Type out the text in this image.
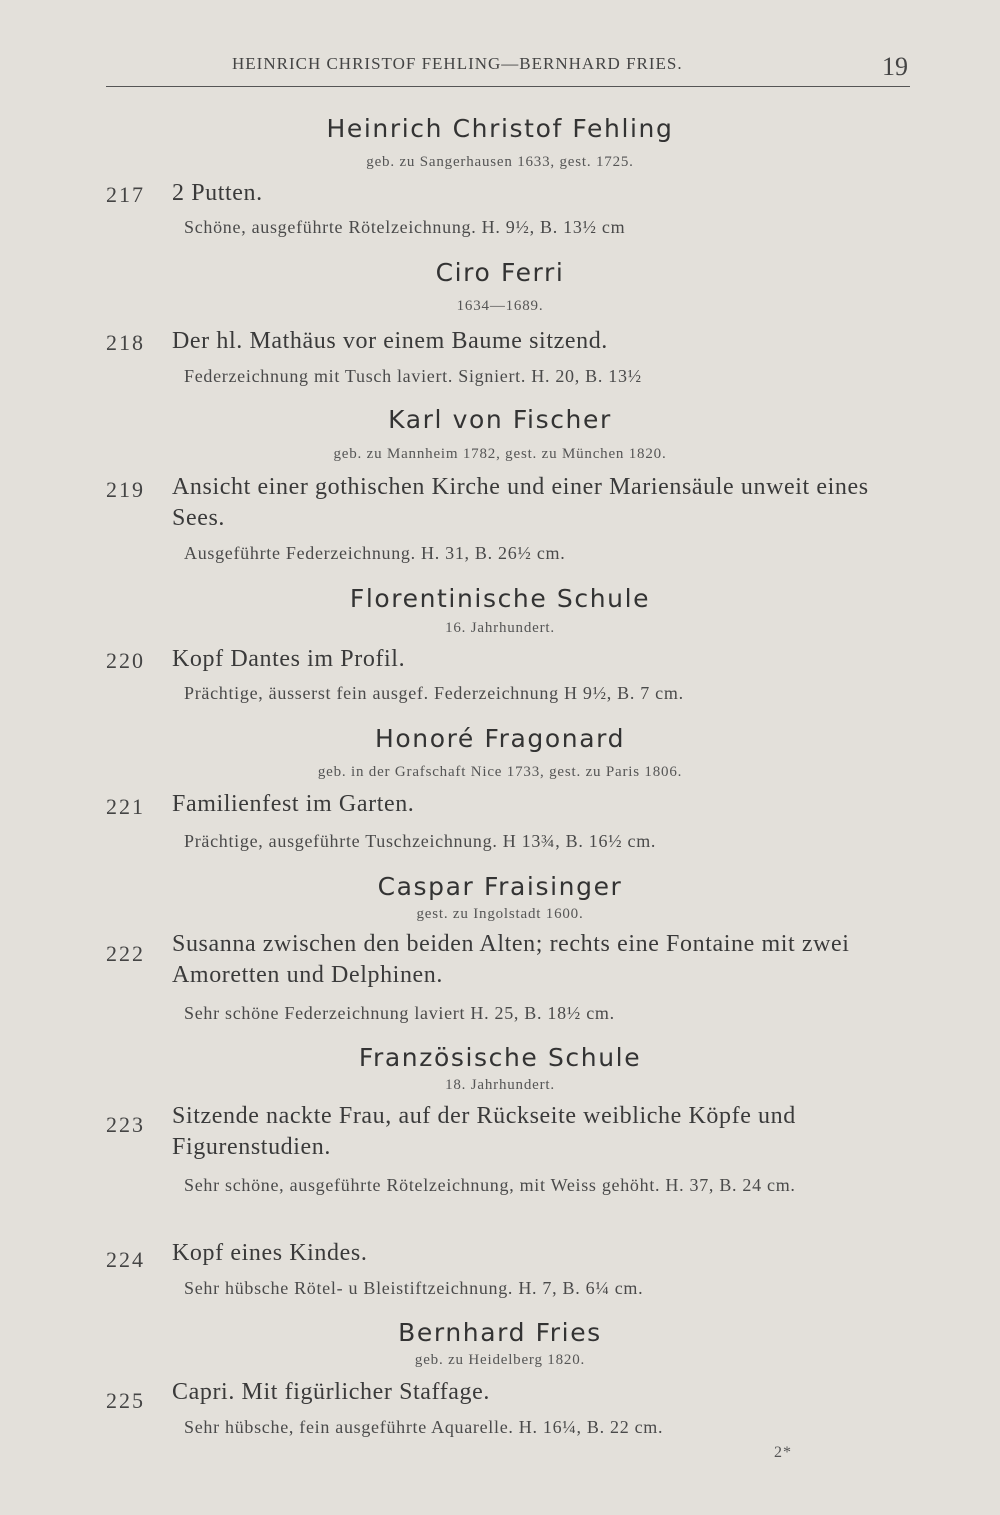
HEINRICH CHRISTOF FEHLING—BERNHARD FRIES.	19
Heinrich Christof Fehling
geb. zu Sangerhausen 1633, gest. 1725.
217 2 Putten.
Schöne, ausgeführte Rötelzeichnung. H. 9½, B. 13½ cm
Ciro Ferri
1634—1689.
218 Der hl. Mathäus vor einem Baume sitzend.
Federzeichnung mit Tusch laviert. Signiert. H. 20, B. 13½
Karl von Fischer
geb. zu Mannheim 1782, gest. zu München 1820.
219 Ansicht einer gothischen Kirche und einer Mariensäule unweit eines Sees.
Ausgeführte Federzeichnung. H. 31, B. 26½ cm.
Florentinische Schule
16. Jahrhundert.
220 Kopf Dantes im Profil.
Prächtige, äusserst fein ausgef. Federzeichnung H 9½, B. 7 cm.
Honoré Fragonard
geb. in der Grafschaft Nice 1733, gest. zu Paris 1806.
221 Familienfest im Garten.
Prächtige, ausgeführte Tuschzeichnung. H 13¾, B. 16½ cm.
Caspar Fraisinger
gest. zu Ingolstadt 1600.
222 Susanna zwischen den beiden Alten; rechts eine Fontaine mit zwei Amoretten und Delphinen.
Sehr schöne Federzeichnung laviert H. 25, B. 18½ cm.
Französische Schule
18. Jahrhundert.
223 Sitzende nackte Frau, auf der Rückseite weibliche Köpfe und Figurenstudien.
Sehr schöne, ausgeführte Rötelzeichnung, mit Weiss gehöht. H. 37, B. 24 cm.
224 Kopf eines Kindes.
Sehr hübsche Rötel- u Bleistiftzeichnung. H. 7, B. 6¼ cm.
Bernhard Fries
geb. zu Heidelberg 1820.
225 Capri. Mit figürlicher Staffage.
Sehr hübsche, fein ausgeführte Aquarelle. H. 16¼, B. 22 cm.
2*
